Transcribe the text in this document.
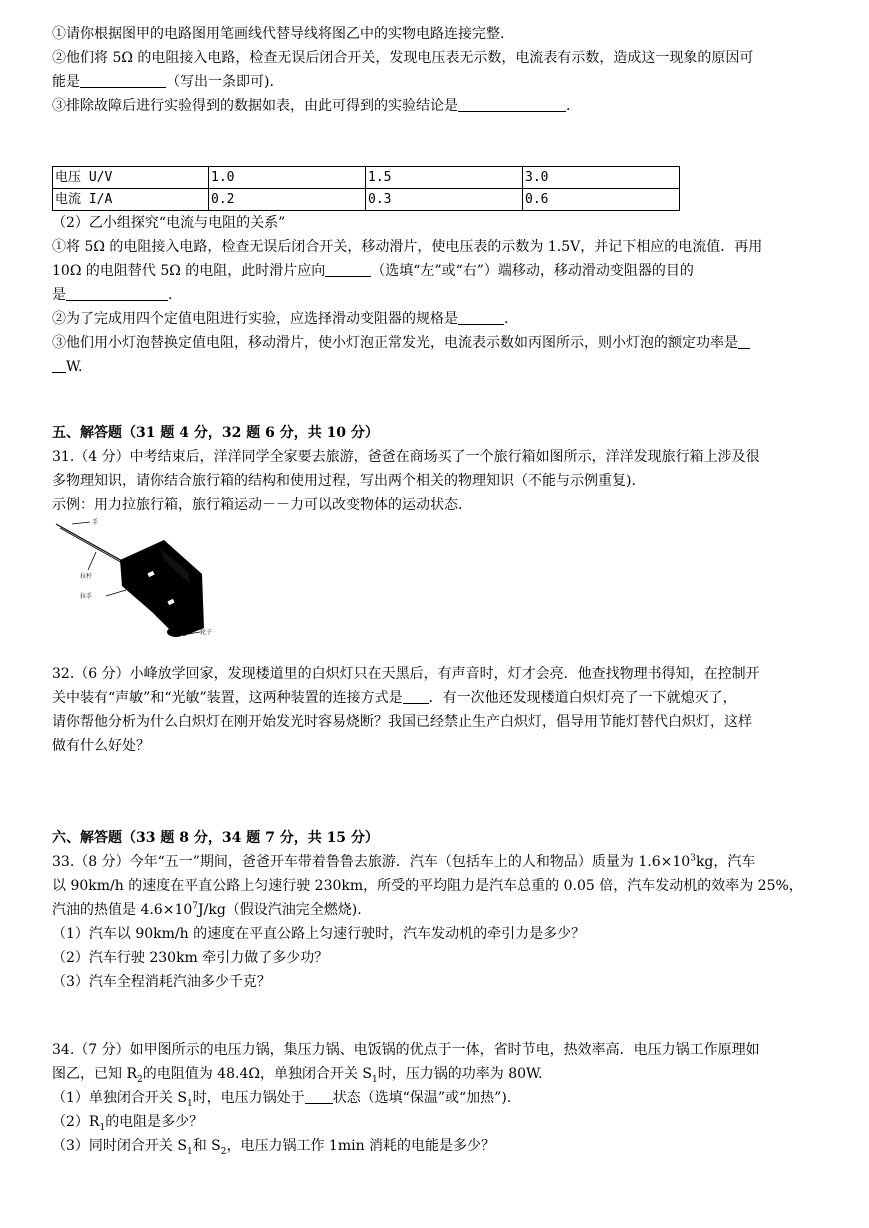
①请你根据图甲的电路图用笔画线代替导线将图乙中的实物电路连接完整.
②他们将 5Ω 的电阻接入电路，检查无误后闭合开关，发现电压表无示数，电流表有示数，造成这一现象的原因可
能是	（写出一条即可).
③排除故障后进行实验得到的数据如表，由此可得到的实验结论是	.
电压 U/V	1.0	1.5	3.0
电流 I/A	0.2	0.3	0.6
（2）乙小组探究“电流与电阻的关系”
①将 5Ω 的电阻接入电路，检查无误后闭合开关，移动滑片，使电压表的示数为 1.5V，并记下相应的电流值．再用
10Ω 的电阻替代 5Ω 的电阻，此时滑片应向	（选填“左”或“右”）端移动，移动滑动变阻器的目的
是	.
②为了完成用四个定值电阻进行实验，应选择滑动变阻器的规格是	.
③他们用小灯泡替换定值电阻，移动滑片，使小灯泡正常发光，电流表示数如丙图所示，则小灯泡的额定功率是
W.
五、解答题（31 题 4 分，32 题 6 分，共 10 分）
31.（4 分）中考结束后，洋洋同学全家要去旅游，爸爸在商场买了一个旅行箱如图所示，洋洋发现旅行箱上涉及很
多物理知识，请你结合旅行箱的结构和使用过程，写出两个相关的物理知识（不能与示例重复).
示例：用力拉旅行箱，旅行箱运动－－力可以改变物体的运动状态.
手
拉杆
拉手
轮子
32.（6 分）小峰放学回家，发现楼道里的白炽灯只在天黑后，有声音时，灯才会亮．他查找物理书得知，在控制开
关中装有“声敏”和“光敏”装置，这两种装置的连接方式是 ．有一次他还发现楼道白炽灯亮了一下就熄灭了，
请你帮他分析为什么白炽灯在刚开始发光时容易烧断？我国已经禁止生产白炽灯，倡导用节能灯替代白炽灯，这样
做有什么好处？
六、解答题（33 题 8 分，34 题 7 分，共 15 分）
33.（8 分）今年“五一”期间，爸爸开车带着鲁鲁去旅游．汽车（包括车上的人和物品）质量为 $1.6\times 10^3kg$，汽车
以 90km/h 的速度在平直公路上匀速行驶 230km，所受的平均阻力是汽车总重的 0.05 倍，汽车发动机的效率为 25%，
汽油的热值是 $4.6\times 10^7J/kg$（假设汽油完全燃烧).
（1）汽车以 90km/h 的速度在平直公路上匀速行驶时，汽车发动机的牵引力是多少？
（2）汽车行驶 230km 牵引力做了多少功？
（3）汽车全程消耗汽油多少千克？
34.（7 分）如甲图所示的电压力锅，集压力锅、电饭锅的优点于一体，省时节电，热效率高．电压力锅工作原理如
图乙，已知 $R_2$的电阻值为 48.4Ω，单独闭合开关 $S_1$时，压力锅的功率为 80W.
（1）单独闭合开关 $S_1$时，电压力锅处于 状态（选填“保温”或“加热”).
$(2)R_1$的电阻是多少？
（3）同时闭合开关 $S_1$和 $S_2$，电压力锅工作 1min 消耗的电能是多少？
